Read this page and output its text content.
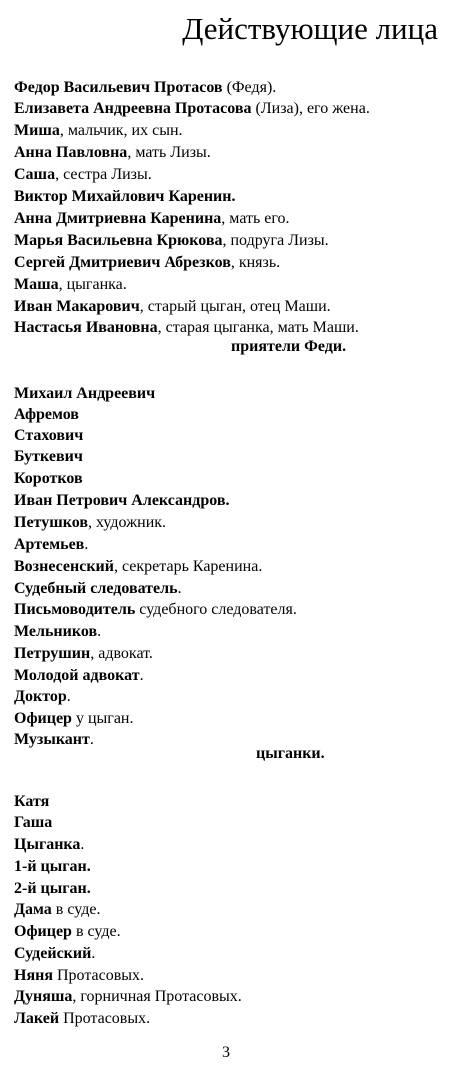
Действующие лица
Федор Васильевич Протасов (Федя).
Елизавета Андреевна Протасова (Лиза), его жена.
Миша, мальчик, их сын.
Анна Павловна, мать Лизы.
Саша, сестра Лизы.
Виктор Михайлович Каренин.
Анна Дмитриевна Каренина, мать его.
Марья Васильевна Крюкова, подруга Лизы.
Сергей Дмитриевич Абрезков, князь.
Маша, цыганка.
Иван Макарович, старый цыган, отец Маши.
Настасья Ивановна, старая цыганка, мать Маши.
Михаил Андреевич
Афремов
Стахович
Буткевич
Коротков
Иван Петрович Александров.
Петушков, художник.
Артемьев.
Вознесенский, секретарь Каренина.
Судебный следователь.
Письмоводитель судебного следователя.
Мельников.
Петрушин, адвокат.
Молодой адвокат.
Доктор.
Офицер у цыган.
Музыкант.
Катя
Гаша
Цыганка.
1-й цыган.
2-й цыган.
Дама в суде.
Офицер в суде.
Судейский.
Няня Протасовых.
Дуняша, горничная Протасовых.
Лакей Протасовых.
приятели Феди.
цыганки.
3
